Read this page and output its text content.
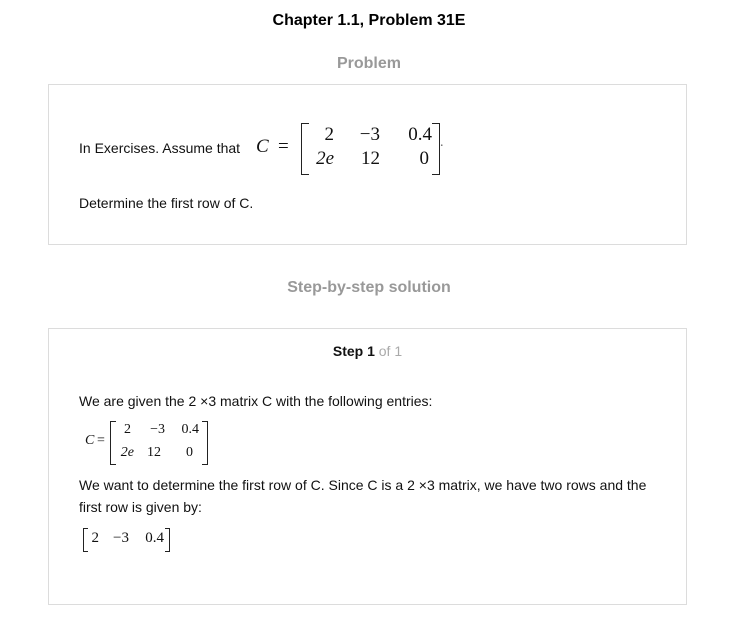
Chapter 1.1, Problem 31E
Problem
In Exercises. Assume that C =
2	−3	0.4
2e	12	0
.
Determine the first row of C.
Step-by-step solution
Step 1 of 1
We are given the 2 ×3 matrix C with the following entries:
C =
2	−3	0.4
2e 12	0
We want to determine the first row of C. Since C is a 2 ×3 matrix, we have two rows and the
first row is given by:
2 −3	0.4
